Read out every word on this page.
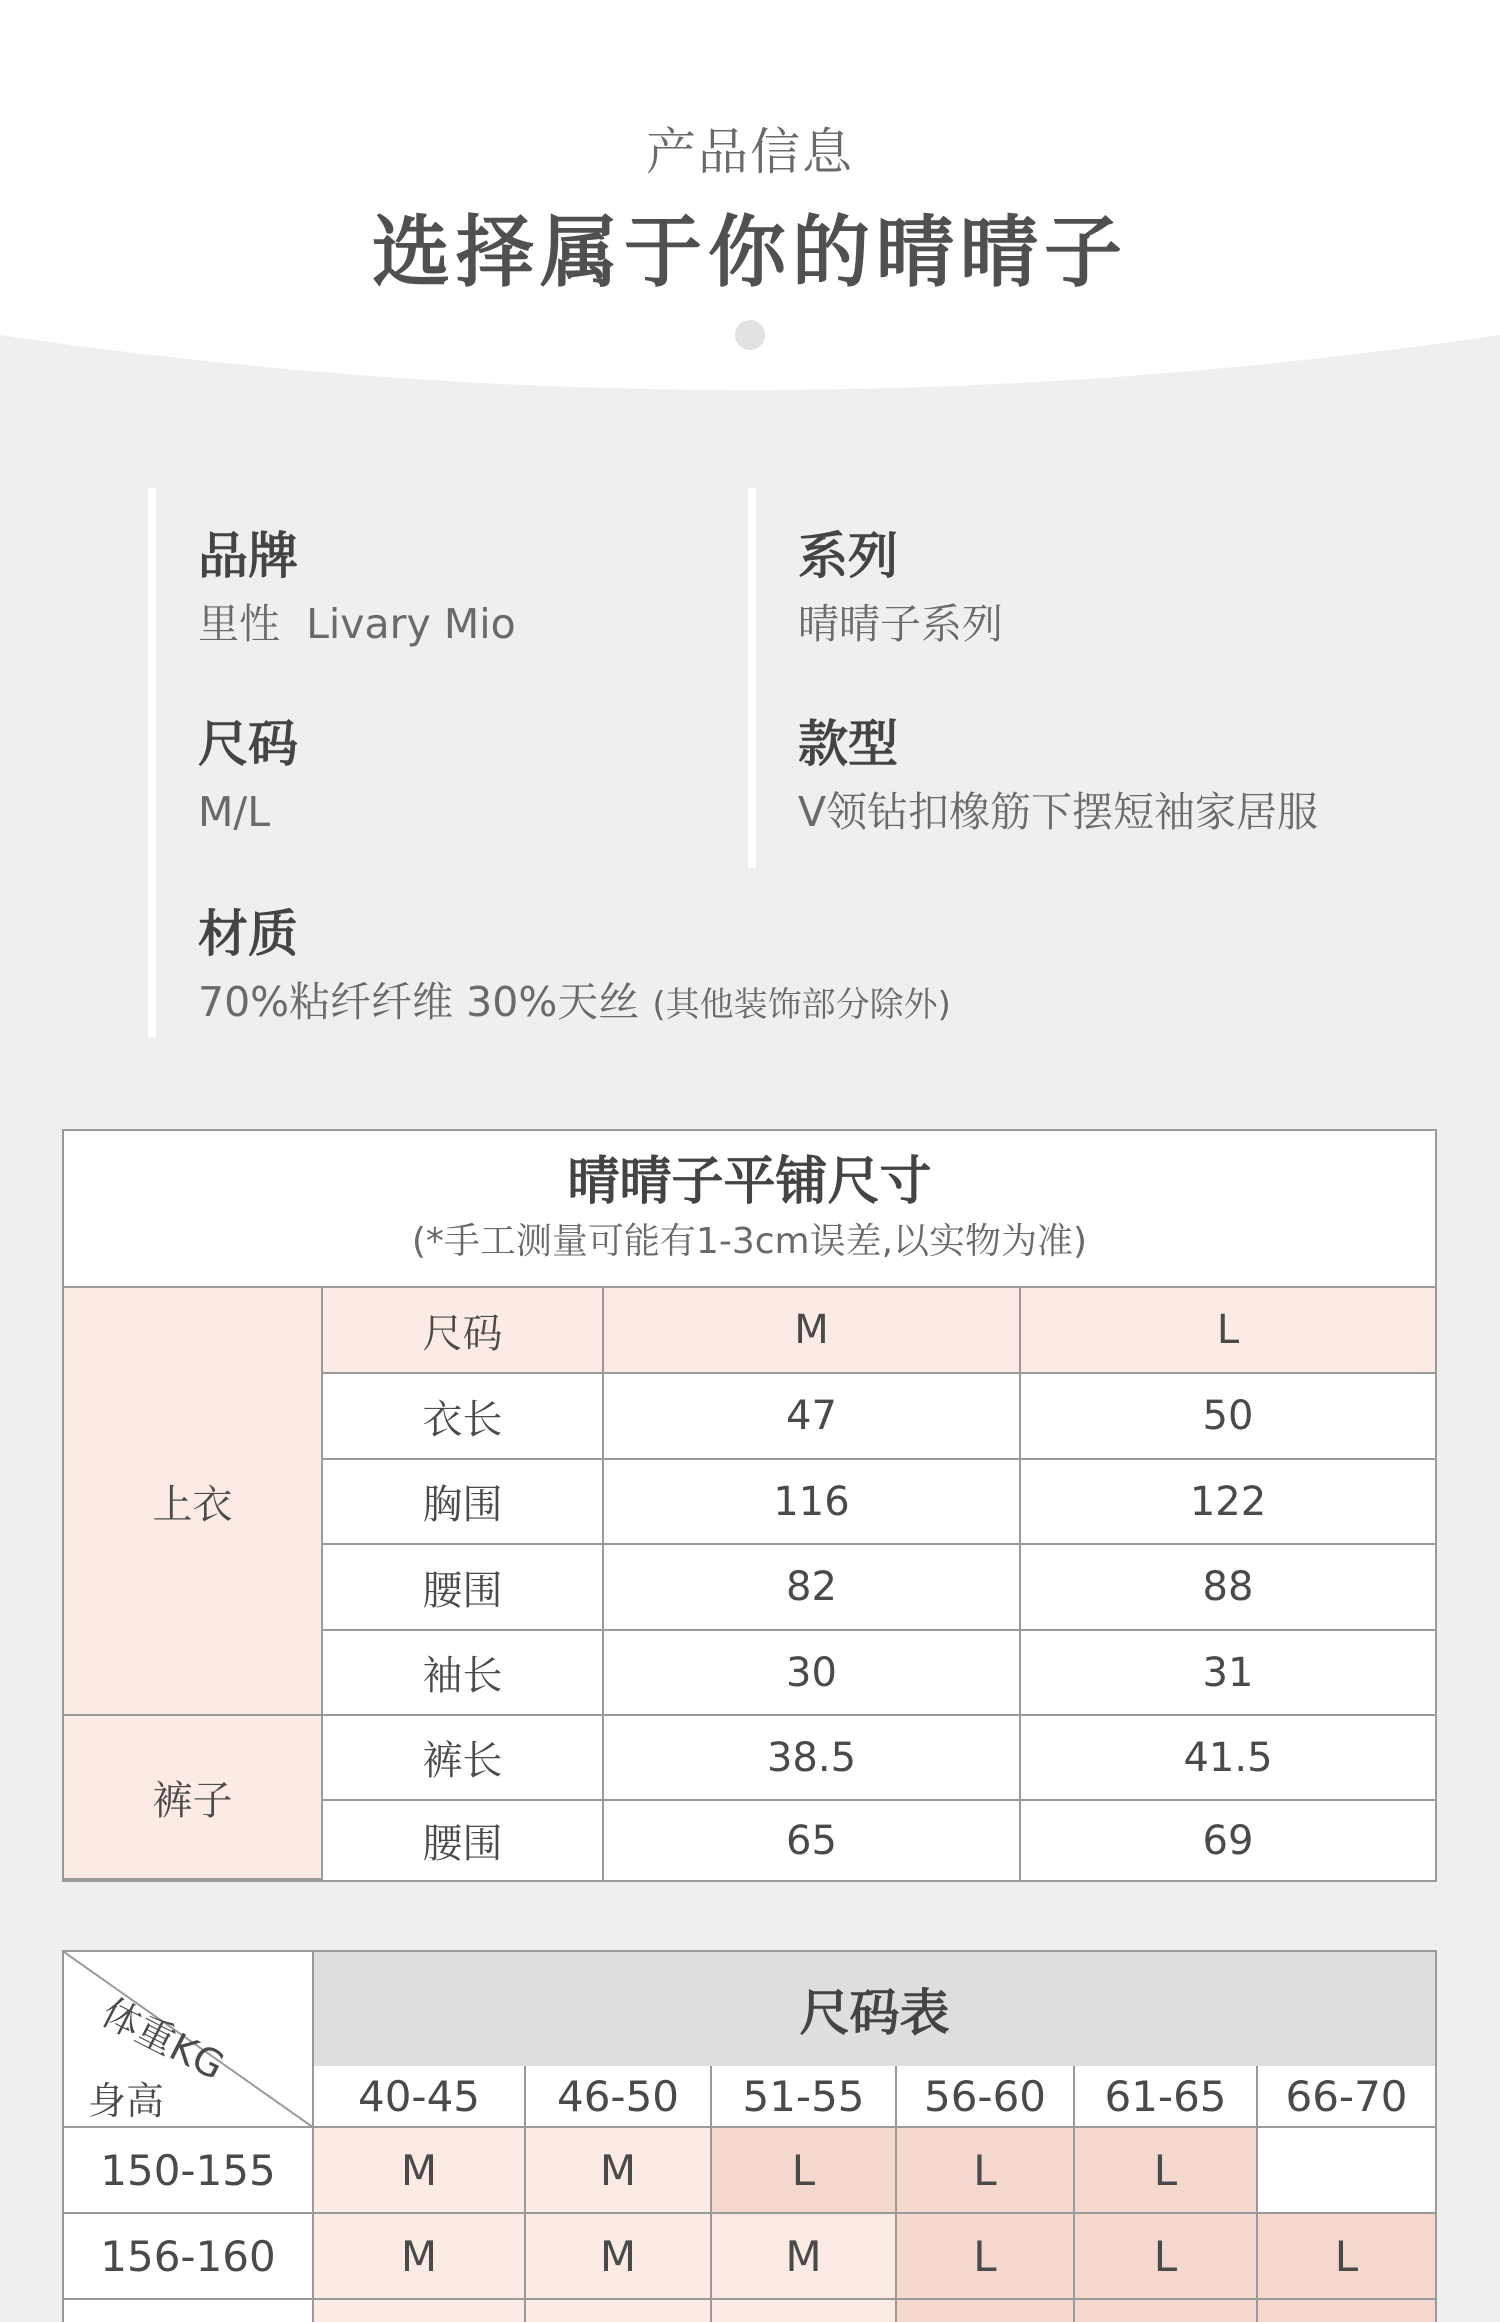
产品信息
选择属于你的晴晴子
品牌
里性  Livary Mio
系列
晴晴子系列
尺码
M/L
款型
V领钻扣橡筋下摆短袖家居服
材质
70%粘纤纤维 30%天丝 (其他装饰部分除外)
晴晴子平铺尺寸
(*手工测量可能有1-3cm误差,以实物为准)
上衣
裤子
尺码	M	L
衣长	47	50
胸围	116	122
腰围	82	88
袖长	30	31
裤长	38.5	41.5
腰围	65	69
尺码表
体重KG
身高	40-45	46-50	51-55	56-60	61-65	66-70
150-155	M	M	L	L	L
156-160	M	M	M	L	L	L
